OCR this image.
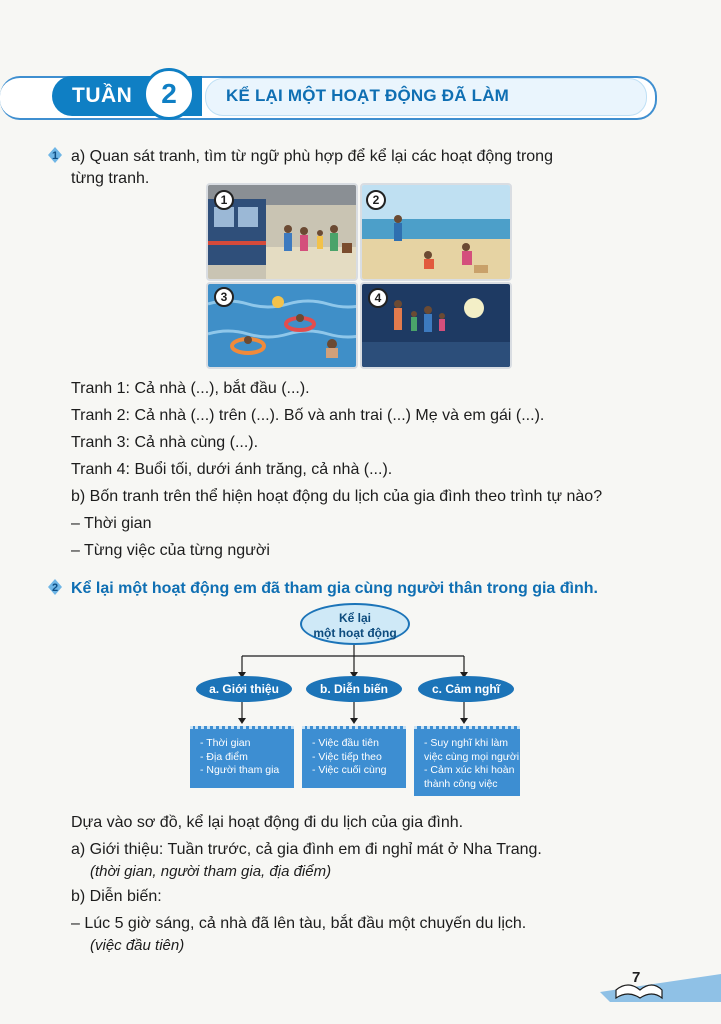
TUẦN	2	KỂ LẠI MỘT HOẠT ĐỘNG ĐÃ LÀM
1 a) Quan sát tranh, tìm từ ngữ phù hợp để kể lại các hoạt động trong
từng tranh.
1	2
3	4
Tranh 1: Cả nhà (...), bắt đầu (...).
Tranh 2: Cả nhà (...) trên (...). Bố và anh trai (...) Mẹ và em gái (...).
Tranh 3: Cả nhà cùng (...).
Tranh 4: Buổi tối, dưới ánh trăng, cả nhà (...).
b) Bốn tranh trên thể hiện hoạt động du lịch của gia đình theo trình tự nào?
– Thời gian
– Từng việc của từng người
2 Kể lại một hoạt động em đã tham gia cùng người thân trong gia đình.
Kể lại
một hoạt động
a. Giới thiệu	b. Diễn biến	c. Cảm nghĩ
- Thời gian
- Địa điểm
- Người tham gia
- Việc đầu tiên
- Việc tiếp theo
- Việc cuối cùng
- Suy nghĩ khi làm
việc cùng mọi người
- Cảm xúc khi hoàn
thành công việc
Dựa vào sơ đồ, kể lại hoạt động đi du lịch của gia đình.
a) Giới thiệu: Tuần trước, cả gia đình em đi nghỉ mát ở Nha Trang.
(thời gian, người tham gia, địa điểm)
b) Diễn biến:
– Lúc 5 giờ sáng, cả nhà đã lên tàu, bắt đầu một chuyến du lịch.
(việc đầu tiên)
7
